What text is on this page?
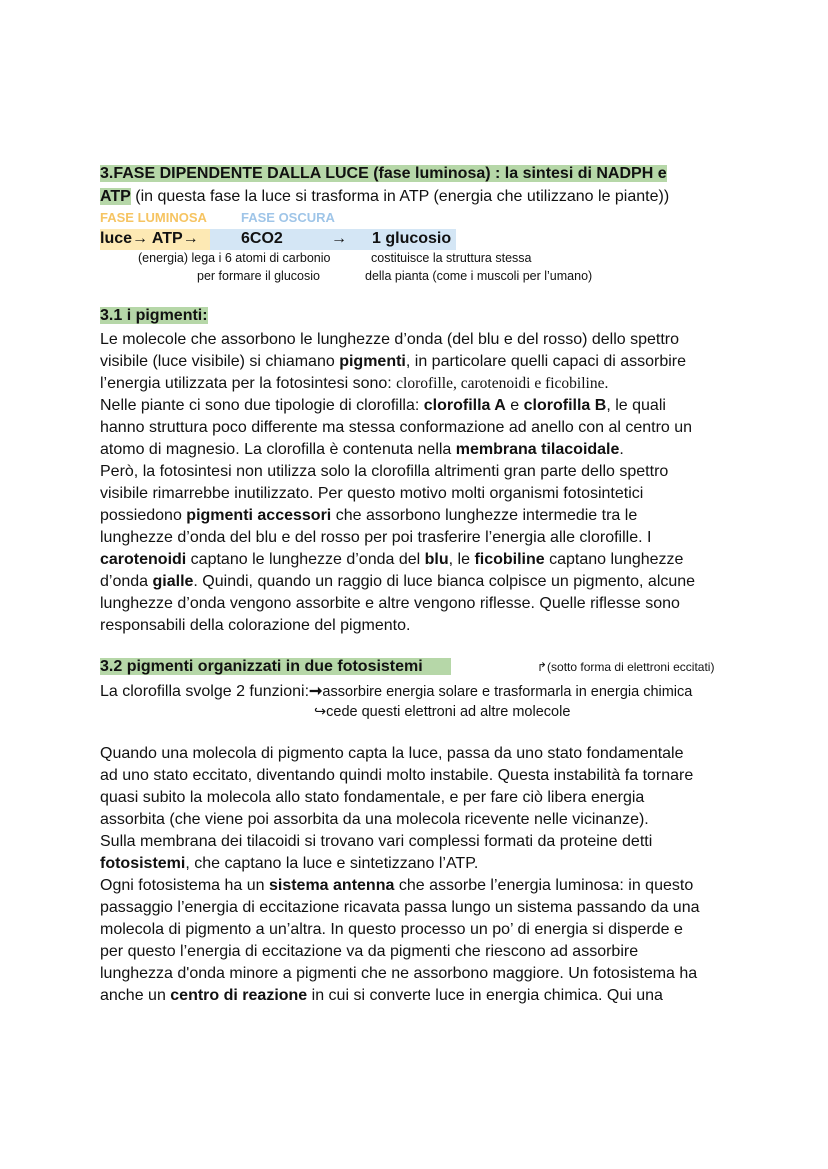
3.FASE DIPENDENTE DALLA LUCE (fase luminosa) : la sintesi di NADPH e
ATP (in questa fase la luce si trasforma in ATP (energia che utilizzano le piante))
FASE LUMINOSA	FASE OSCURA
luce→ ATP→	6CO2	→ 1 glucosio
(energia) lega i 6 atomi di carbonio	costituisce la struttura stessa
per formare il glucosio	della pianta (come i muscoli per l’umano)
3.1 i pigmenti:
Le molecole che assorbono le lunghezze d’onda (del blu e del rosso) dello spettro
visibile (luce visibile) si chiamano pigmenti, in particolare quelli capaci di assorbire
l’energia utilizzata per la fotosintesi sono: clorofille, carotenoidi e ficobiline.
Nelle piante ci sono due tipologie di clorofilla: clorofilla A e clorofilla B, le quali
hanno struttura poco differente ma stessa conformazione ad anello con al centro un
atomo di magnesio. La clorofilla è contenuta nella membrana tilacoidale.
Però, la fotosintesi non utilizza solo la clorofilla altrimenti gran parte dello spettro
visibile rimarrebbe inutilizzato. Per questo motivo molti organismi fotosintetici
possiedono pigmenti accessori che assorbono lunghezze intermedie tra le
lunghezze d’onda del blu e del rosso per poi trasferire l’energia alle clorofille. I
carotenoidi captano le lunghezze d’onda del blu, le ficobiline captano lunghezze
d’onda gialle. Quindi, quando un raggio di luce bianca colpisce un pigmento, alcune
lunghezze d’onda vengono assorbite e altre vengono riflesse. Quelle riflesse sono
responsabili della colorazione del pigmento.
3.2 pigmenti organizzati in due fotosistemi	↱(sotto forma di elettroni eccitati)
La clorofilla svolge 2 funzioni:➞assorbire energia solare e trasformarla in energia chimica
↪cede questi elettroni ad altre molecole
Quando una molecola di pigmento capta la luce, passa da uno stato fondamentale
ad uno stato eccitato, diventando quindi molto instabile. Questa instabilità fa tornare
quasi subito la molecola allo stato fondamentale, e per fare ciò libera energia
assorbita (che viene poi assorbita da una molecola ricevente nelle vicinanze).
Sulla membrana dei tilacoidi si trovano vari complessi formati da proteine detti
fotosistemi, che captano la luce e sintetizzano l’ATP.
Ogni fotosistema ha un sistema antenna che assorbe l’energia luminosa: in questo
passaggio l’energia di eccitazione ricavata passa lungo un sistema passando da una
molecola di pigmento a un’altra. In questo processo un po’ di energia si disperde e
per questo l’energia di eccitazione va da pigmenti che riescono ad assorbire
lunghezza d'onda minore a pigmenti che ne assorbono maggiore. Un fotosistema ha
anche un centro di reazione in cui si converte luce in energia chimica. Qui una
